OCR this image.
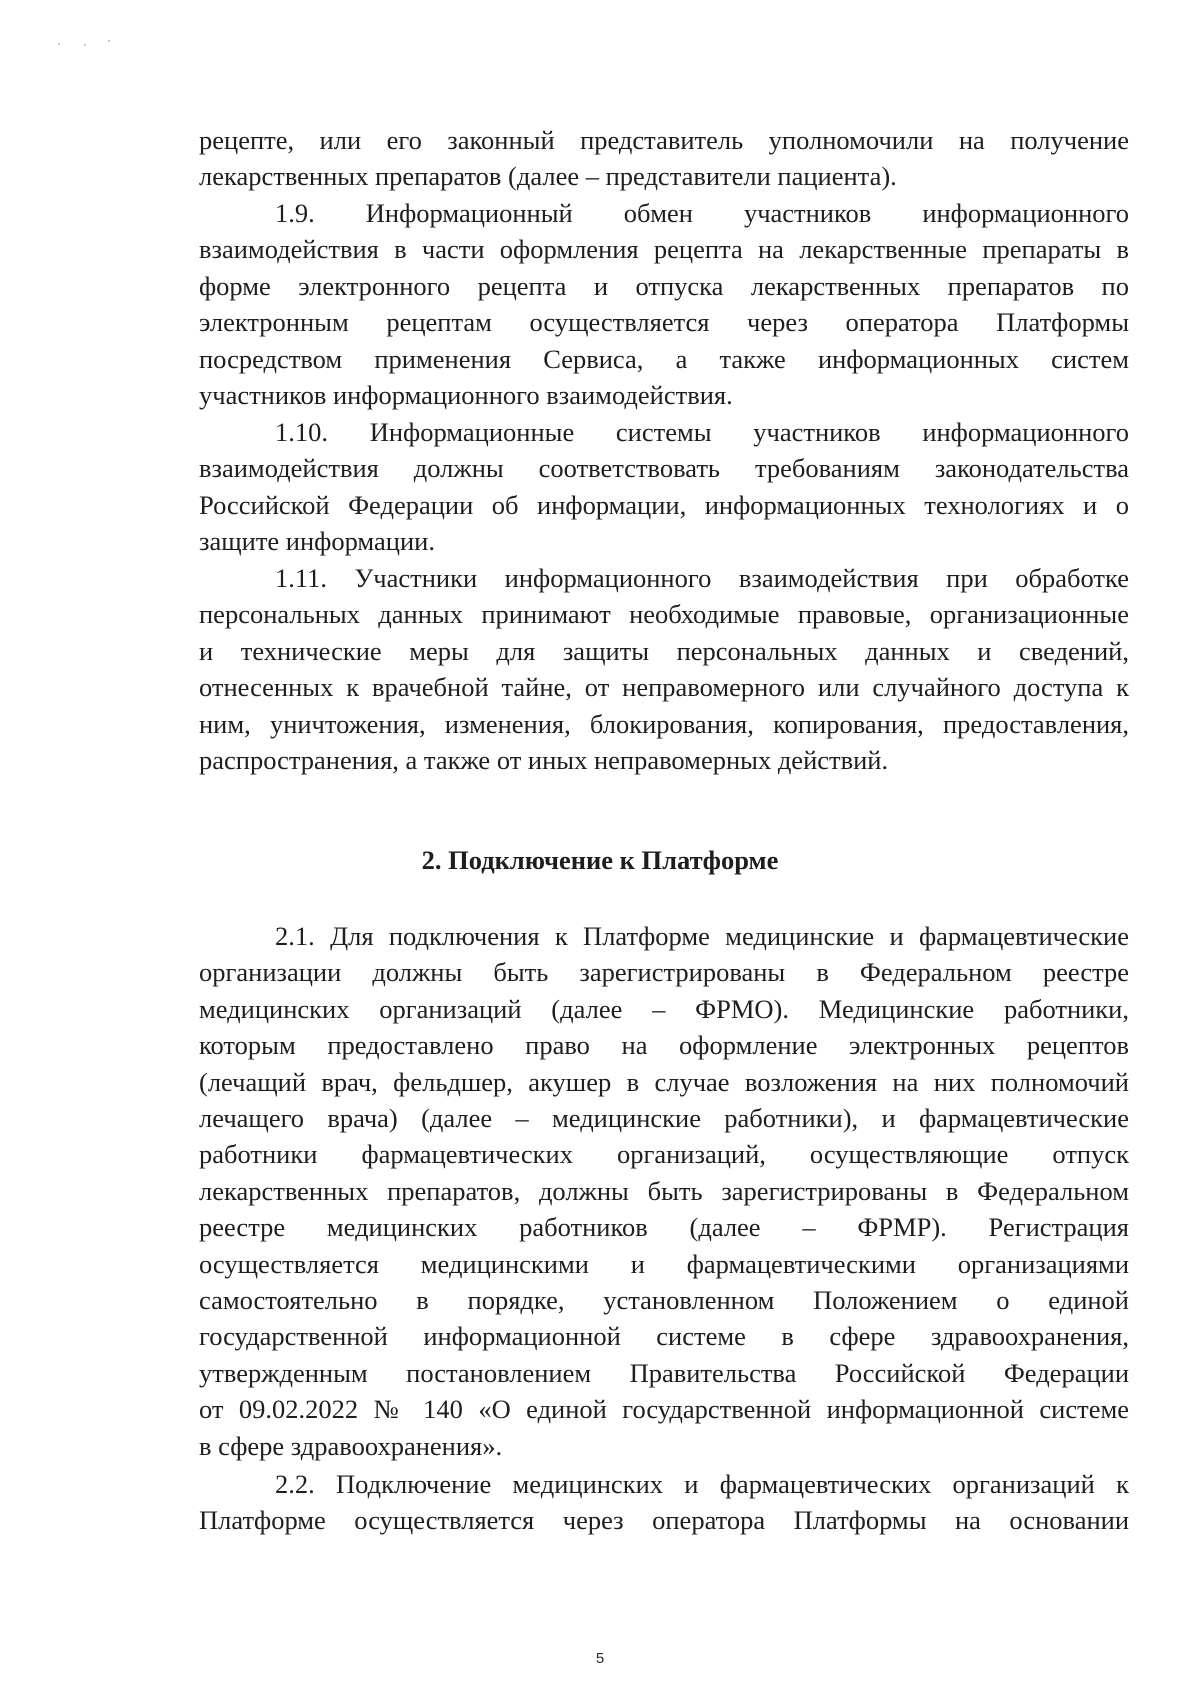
рецепте, или его законный представитель уполномочили на получение
лекарственных препаратов (далее – представители пациента).
1.9. Информационный обмен участников информационного
взаимодействия в части оформления рецепта на лекарственные препараты в
форме электронного рецепта и отпуска лекарственных препаратов по
электронным рецептам осуществляется через оператора Платформы
посредством применения Сервиса, а также информационных систем
участников информационного взаимодействия.
1.10. Информационные системы участников информационного
взаимодействия должны соответствовать требованиям законодательства
Российской Федерации об информации, информационных технологиях и о
защите информации.
1.11. Участники информационного взаимодействия при обработке
персональных данных принимают необходимые правовые, организационные
и технические меры для защиты персональных данных и сведений,
отнесенных к врачебной тайне, от неправомерного или случайного доступа к
ним, уничтожения, изменения, блокирования, копирования, предоставления,
распространения, а также от иных неправомерных действий.
2. Подключение к Платформе
2.1. Для подключения к Платформе медицинские и фармацевтические
организации должны быть зарегистрированы в Федеральном реестре
медицинских организаций (далее – ФРМО). Медицинские работники,
которым предоставлено право на оформление электронных рецептов
(лечащий врач, фельдшер, акушер в случае возложения на них полномочий
лечащего врача) (далее – медицинские работники), и фармацевтические
работники фармацевтических организаций, осуществляющие отпуск
лекарственных препаратов, должны быть зарегистрированы в Федеральном
реестре медицинских работников (далее – ФРМР). Регистрация
осуществляется медицинскими и фармацевтическими организациями
самостоятельно в порядке, установленном Положением о единой
государственной информационной системе в сфере здравоохранения,
утвержденным постановлением Правительства Российской Федерации
от 09.02.2022 № 140 «О единой государственной информационной системе
в сфере здравоохранения».
2.2. Подключение медицинских и фармацевтических организаций к
Платформе осуществляется через оператора Платформы на основании
5
